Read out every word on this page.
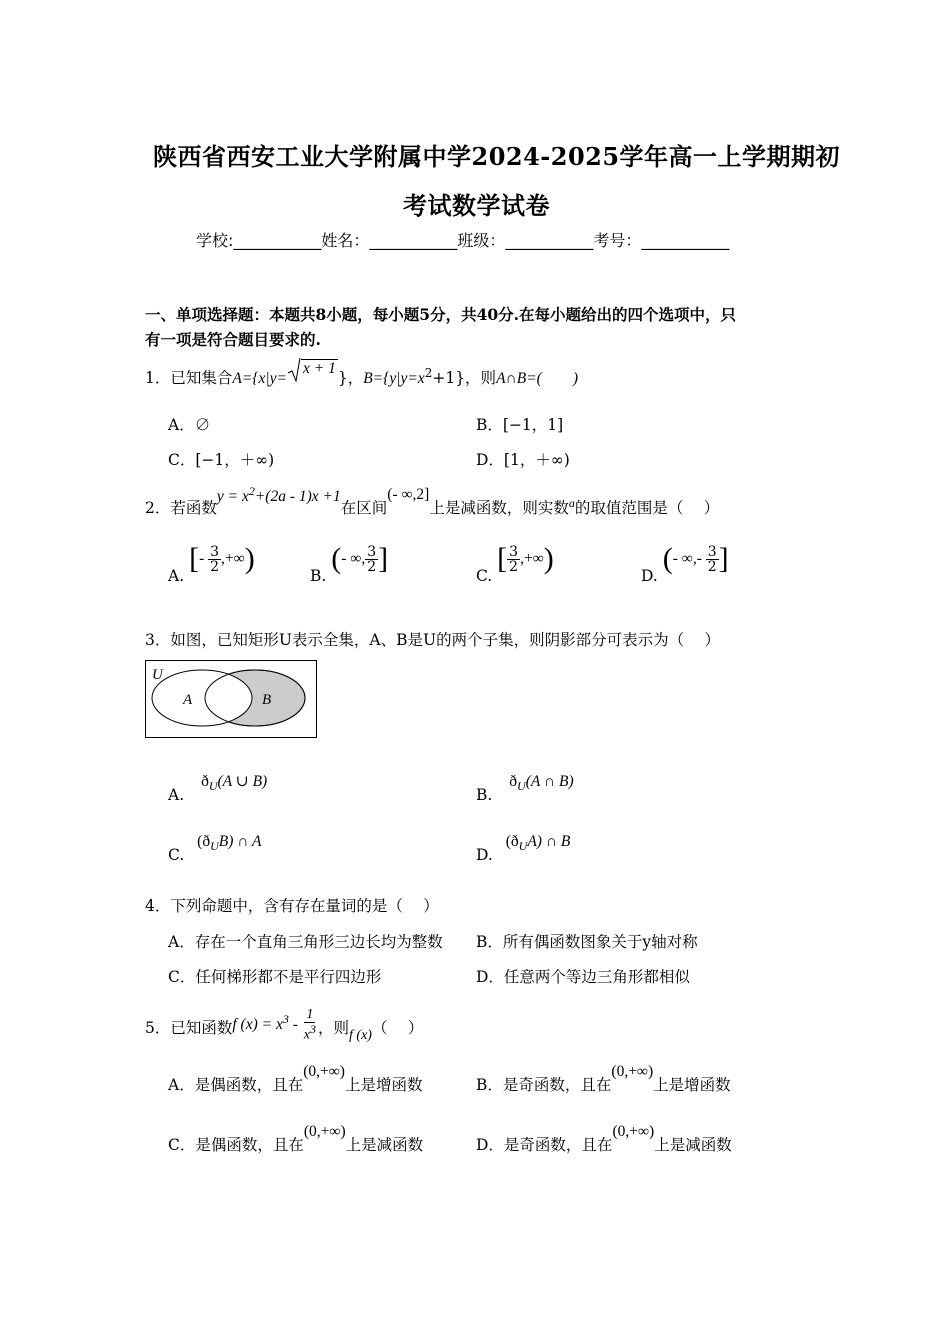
陕西省西安工业大学附属中学2024-2025学年高一上学期期初
考试数学试卷
学校:___________姓名：___________班级：___________考号：___________
一、单项选择题：本题共8小题，每小题5分，共40分.在每小题给出的四个选项中，只
有一项是符合题目要求的.
1．已知集合A={x|y=
x + 1}，$B=\{y|y=x^2+1\}$，则A∩B=(　　)
A．∅	B．[−1，1]
C．[−1，＋∞)	D．[1，＋∞)
2．若函数$y = x^2+(2a - 1)x +1$在区间(- ∞,2]上是减函数，则实数$^a$的取值范围是（　 ）
A. [- $\frac{3}{2}$ ,+∞)
B. (- ∞, $\frac{3}{2}$ ]
C. [ $\frac{3}{2}$ ,+∞)
D. (- ∞,- $\frac{3}{2}$ ]
3．如图，已知矩形U表示全集，A、B是U的两个子集，则阴影部分可表示为（　 ）
U
A	B
A. $ð_U(A$ ∪ B)
B. $ð_U(A$ ∩ B)
C. $(ð_UB)$ ∩ A
D. $(ð_UA)$ ∩ B
4．下列命题中，含有存在量词的是（　 ）
A．存在一个直角三角形三边长均为整数 B．所有偶函数图象关于y轴对称
C．任何梯形都不是平行四边形	D．任意两个等边三角形都相似
5．已知函数f $(x) = x^3 - \frac{1}{x^3}$ ，则f (x)（　 ）
A．是偶函数，且在(0,+∞)上是增函数	B．是奇函数，且在(0,+∞)上是增函数
C．是偶函数，且在(0,+∞)上是减函数	D．是奇函数，且在(0,+∞)上是减函数
